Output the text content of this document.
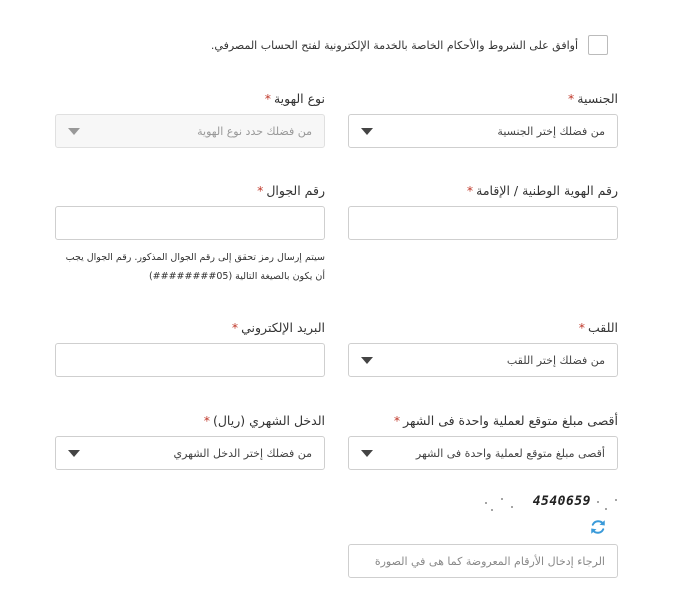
أوافق على الشروط والأحكام الخاصة بالخدمة الإلكترونية لفتح الحساب المصرفي.
الجنسية*
من فضلك إختر الجنسية
نوع الهوية*
من فضلك حدد نوع الهوية
رقم الهوية الوطنية / الإقامة*
رقم الجوال*
سيتم إرسال رمز تحقق إلى رقم الجوال المذكور. رقم الجوال يجب
أن يكون بالصيغة التالية (05########)
اللقب*
من فضلك إختر اللقب
البريد الإلكتروني*
أقصى مبلغ متوقع لعملية واحدة فى الشهر*
أقصى مبلغ متوقع لعملية واحدة فى الشهر
الدخل الشهري (ريال)*
من فضلك إختر الدخل الشهري
4540659
الرجاء إدخال الأرقام المعروضة كما هى في الصورة
